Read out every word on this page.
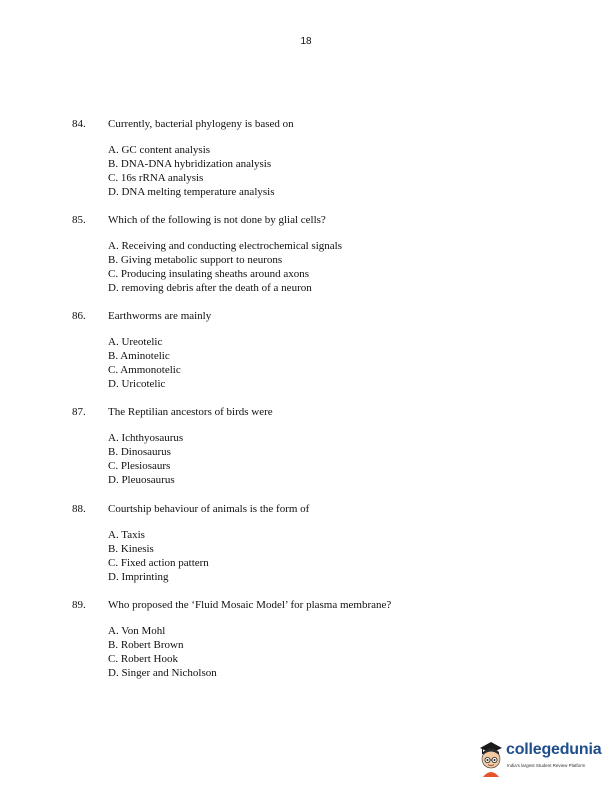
18
84. Currently, bacterial phylogeny is based on
A. GC content analysis
B. DNA-DNA hybridization analysis
C. 16s rRNA analysis
D. DNA melting temperature analysis
85. Which of the following is not done by glial cells?
A. Receiving and conducting electrochemical signals
B. Giving metabolic support to neurons
C. Producing insulating sheaths around axons
D. removing debris after the death of a neuron
86. Earthworms are mainly
A. Ureotelic
B. Aminotelic
C. Ammonotelic
D. Uricotelic
87. The Reptilian ancestors of birds were
A. Ichthyosaurus
B. Dinosaurus
C. Plesiosaurs
D. Pleuosaurus
88. Courtship behaviour of animals is the form of
A. Taxis
B. Kinesis
C. Fixed action pattern
D. Imprinting
89. Who proposed the ‘Fluid Mosaic Model’ for plasma membrane?
A. Von Mohl
B. Robert Brown
C. Robert Hook
D. Singer and Nicholson
collegedunia
India's largest Student Review Platform
